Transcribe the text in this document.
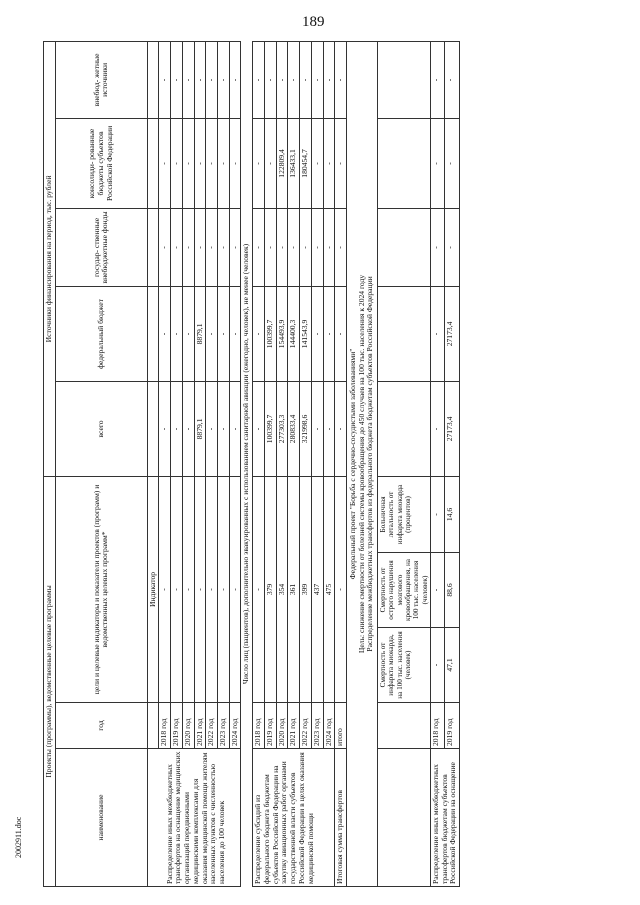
189
2002911.doc
Проекты (программы), ведомственные целевые программы					Источники финансирования на период, тыс. рублей				
наименование	год	цели и целевые индикаторы и показатели проектов (программ) и ведомственных целевых программ*			всего	федеральный бюджет	государ- ственные внебюджетные фонды	консолиди- рованные бюджеты субъектов Российской Федерации	внебюд- жетные источники
Распределение иных межбюджетных трансфертов на оснащение медицинских организаций передвижными медицинскими комплексами для оказания медицинской помощи жителям населенных пунктов с численностью населения до 100 человек		Индикатор							
	2018 год	-			-	-	-	-	-
	2019 год	-			-	-	-	-	-
	2020 год	-			-	-	-	-	-
	2021 год	-			8879,1	8879,1	-	-	-
	2022 год	-			-	-	-	-	-
	2023 год	-			-	-	-	-	-
	2024 год	-			-	-	-	-	-
Число лиц (пациентов), дополнительно эвакуированных с использованием санитарной авиации (ежегодно, человек), не менее (человек)									
Распределение субсидий из федерального бюджета бюджетам субъектов Российской Федерации на закупку авиационных работ органами государственной власти субъектов Российской Федерации в целях оказания медицинской помощи	2018 год	-			-	-	-	-	-
	2019 год	379			100399,7	100399,7	-	-	-
	2020 год	354			277303,3	154493,9	-	122809,4	-
	2021 год	361			280833,4	144400,3	-	136433,1	-
	2022 год	399			321998,6	141543,9	-	180454,7	-
	2023 год	437			-	-	-	-	-
	2024 год	475			-	-	-	-	-
Итоговая сумма трансфертов	итого	-			-	-	-	-	-

Федеральный проект "Борьба с сердечно-сосудистыми заболеваниями" Цель: снижение смертности от болезней системы кровообращения до 450 случаев на 100 тыс. населения к 2024 году Распределение межбюджетных трансфертов из федерального бюджета бюджетам субъектов Российской Федерации									

		Смертность от инфаркта миокарда, на 100 тыс. населения (человек)	Смертность от острого нарушения мозгового кровообращения, на 100 тыс. населения (человек)	Больничная летальность от инфаркта миокарда (процентов)					
Распределение иных межбюджетных трансфертов бюджетам субъектов Российской Федерации на оснащение	2018 год	-	-	-	-	-	-	-	-
	2019 год	47,1	88,6	14,6	27173,4	27173,4	-	-	-
